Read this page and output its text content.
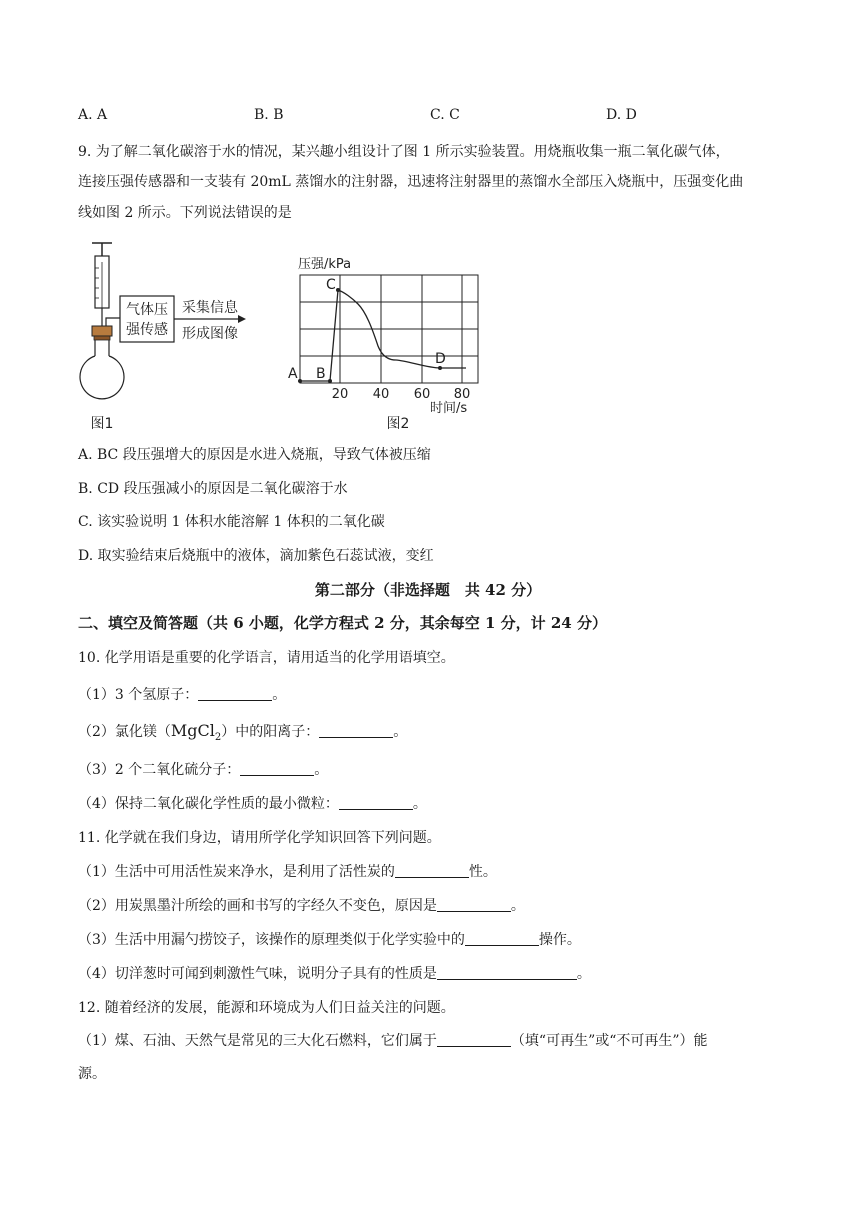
A. A	B. B	C. C	D. D
9. 为了解二氧化碳溶于水的情况，某兴趣小组设计了图 1 所示实验装置。用烧瓶收集一瓶二氧化碳气体，
连接压强传感器和一支装有 20mL 蒸馏水的注射器，迅速将注射器里的蒸馏水全部压入烧瓶中，压强变化曲
线如图 2 所示。下列说法错误的是
气体压
强传感
采集信息
形成图像
图1
压强/kPa
A B
C
D
20 40 60 80
时间/s
图2
A. BC 段压强增大的原因是水进入烧瓶，导致气体被压缩
B. CD 段压强减小的原因是二氧化碳溶于水
C. 该实验说明 1 体积水能溶解 1 体积的二氧化碳
D. 取实验结束后烧瓶中的液体，滴加紫色石蕊试液，变红
第二部分（非选择题　共 42 分）
二、填空及简答题（共 6 小题，化学方程式 2 分，其余每空 1 分，计 24 分）
10. 化学用语是重要的化学语言，请用适当的化学用语填空。
（1）3 个氢原子：	。
（2）氯化镁（MgCl$_2$）中的阳离子：	。
（3）2 个二氧化硫分子：	。
（4）保持二氧化碳化学性质的最小微粒：	。
11. 化学就在我们身边，请用所学化学知识回答下列问题。
（1）生活中可用活性炭来净水，是利用了活性炭的	性。
（2）用炭黑墨汁所绘的画和书写的字经久不变色，原因是	。
（3）生活中用漏勺捞饺子，该操作的原理类似于化学实验中的	操作。
（4）切洋葱时可闻到刺激性气味，说明分子具有的性质是	。
12. 随着经济的发展，能源和环境成为人们日益关注的问题。
（1）煤、石油、天然气是常见的三大化石燃料，它们属于	（填“可再生”或“不可再生”）能
源。
